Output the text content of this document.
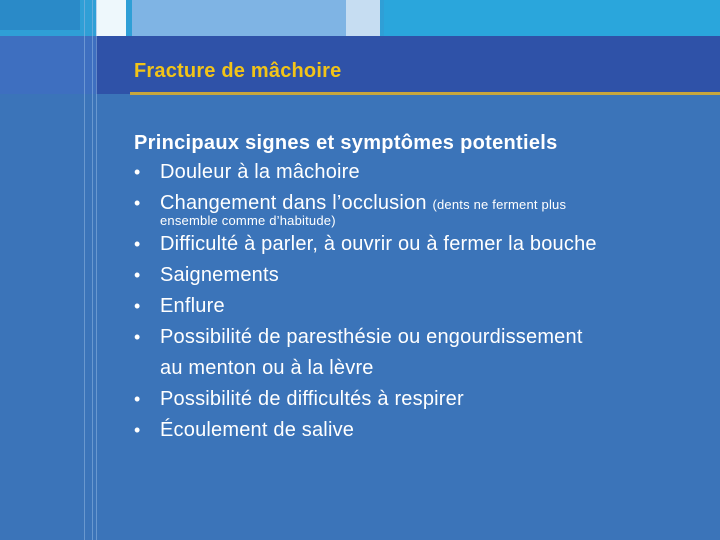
Fracture de mâchoire
Principaux signes et symptômes potentiels
• Douleur à la mâchoire
• Changement dans l’occlusion (dents ne ferment plus
ensemble comme d’habitude)
• Difficulté à parler, à ouvrir ou à fermer la bouche
• Saignements
• Enflure
• Possibilité de paresthésie ou engourdissement
au menton ou à la lèvre
• Possibilité de difficultés à respirer
• Écoulement de salive
